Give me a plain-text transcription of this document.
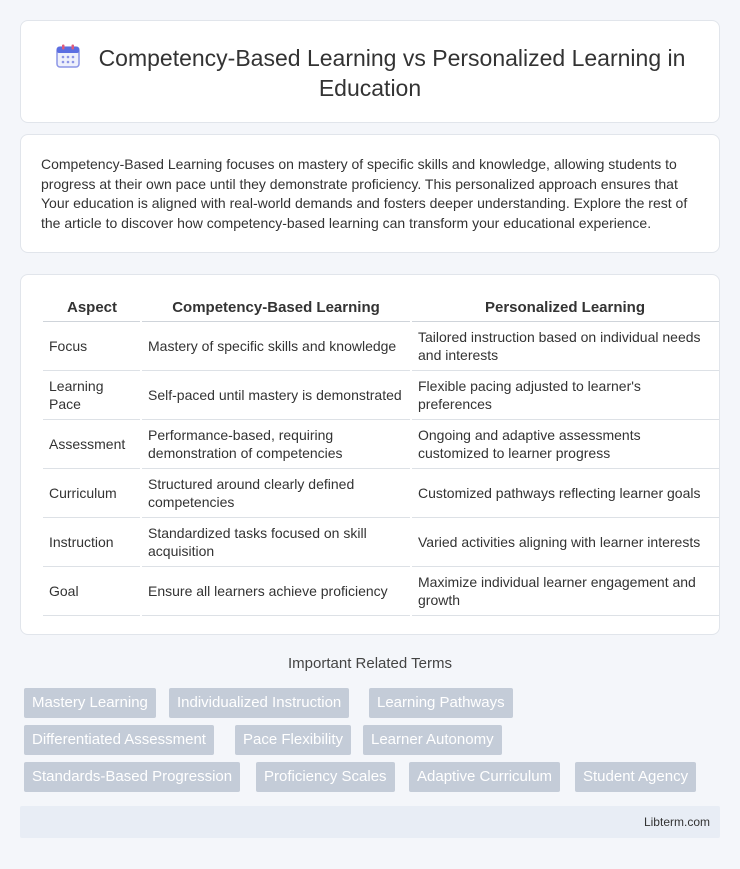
Competency-Based Learning vs Personalized Learning in Education

Competency-Based Learning focuses on mastery of specific skills and knowledge, allowing students to progress at their own pace until they demonstrate proficiency. This personalized approach ensures that Your education is aligned with real-world demands and fosters deeper understanding. Explore the rest of the article to discover how competency-based learning can transform your educational experience.

Aspect	Competency-Based Learning	Personalized Learning
Focus	Mastery of specific skills and knowledge	Tailored instruction based on individual needs and interests
Learning Pace	Self-paced until mastery is demonstrated	Flexible pacing adjusted to learner's preferences
Assessment	Performance-based, requiring demonstration of competencies	Ongoing and adaptive assessments customized to learner progress
Curriculum	Structured around clearly defined competencies	Customized pathways reflecting learner goals
Instruction	Standardized tasks focused on skill acquisition	Varied activities aligning with learner interests
Goal	Ensure all learners achieve proficiency	Maximize individual learner engagement and growth
Important Related Terms
Mastery Learning	Individualized Instruction	Learning Pathways
Differentiated Assessment	Pace Flexibility	Learner Autonomy
Standards-Based Progression	Proficiency Scales	Adaptive Curriculum	Student Agency
Libterm.com
